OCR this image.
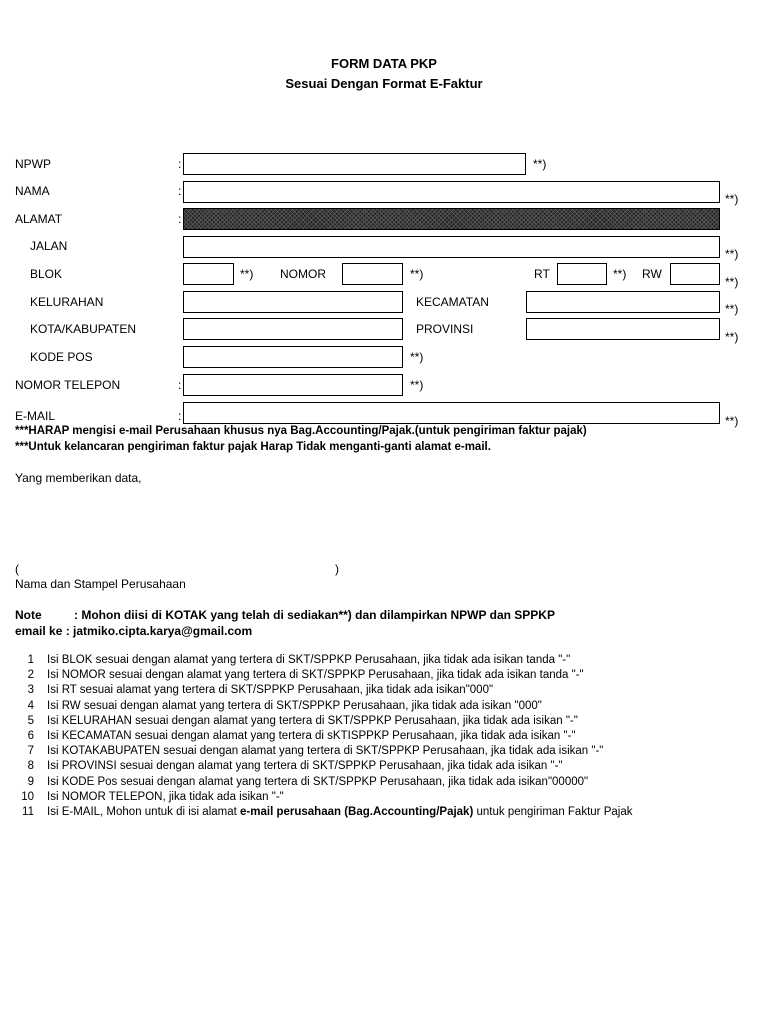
FORM DATA PKP
Sesuai Dengan Format E-Faktur
NPWP	:	**)
NAMA	:
**)
ALAMAT	:
JALAN
**)
BLOK	**) NOMOR	**)	RT	**) RW
**)
KELURAHAN	KECAMATAN	**)
KOTA/KABUPATEN	PROVINSI
**)
KODE POS	**)
NOMOR TELEPON	:	**)
E-MAIL	:	**)
***HARAP mengisi e-mail Perusahaan khusus nya Bag.Accounting/Pajak.(untuk pengiriman faktur pajak)
***Untuk kelancaran pengiriman faktur pajak Harap Tidak menganti-ganti alamat e-mail.
Yang memberikan data,
(	)
Nama dan Stampel Perusahaan
Note	: Mohon diisi di KOTAK yang telah di sediakan**) dan dilampirkan NPWP dan SPPKP
email ke : jatmiko.cipta.karya@gmail.com
1 Isi BLOK sesuai dengan alamat yang tertera di SKT/SPPKP Perusahaan, jika tidak ada isikan tanda "-"
2 Isi NOMOR sesuai dengan alamat yang tertera di SKT/SPPKP Perusahaan, jika tidak ada isikan tanda "-"
3 Isi RT sesuai alamat yang tertera di SKT/SPPKP Perusahaan, jika tidak ada isikan"000"
4 Isi RW sesuai dengan alamat yang tertera di SKT/SPPKP Perusahaan, jika tidak ada isikan "000"
5 Isi KELURAHAN sesuai dengan alamat yang tertera di SKT/SPPKP Perusahaan, jika tidak ada isikan "-"
6 Isi KECAMATAN sesuai dengan alamat yang tertera di sKTISPPKP Perusahaan, jika tidak ada isikan "-"
7 Isi KOTAKABUPATEN sesuai dengan alamat yang tertera di SKT/SPPKP Perusahaan, jka tidak ada isikan "-"
8 Isi PROVINSI sesuai dengan alamat yang tertera di SKT/SPPKP Perusahaan, jika tidak ada isikan "-"
9 Isi KODE Pos sesuai dengan alamat yang tertera di SKT/SPPKP Perusahaan, jika tidak ada isikan"00000"
10 Isi NOMOR TELEPON, jika tidak ada isikan "-"
11 Isi E-MAIL, Mohon untuk di isi alamat e-mail perusahaan (Bag.Accounting/Pajak) untuk pengiriman Faktur Pajak
